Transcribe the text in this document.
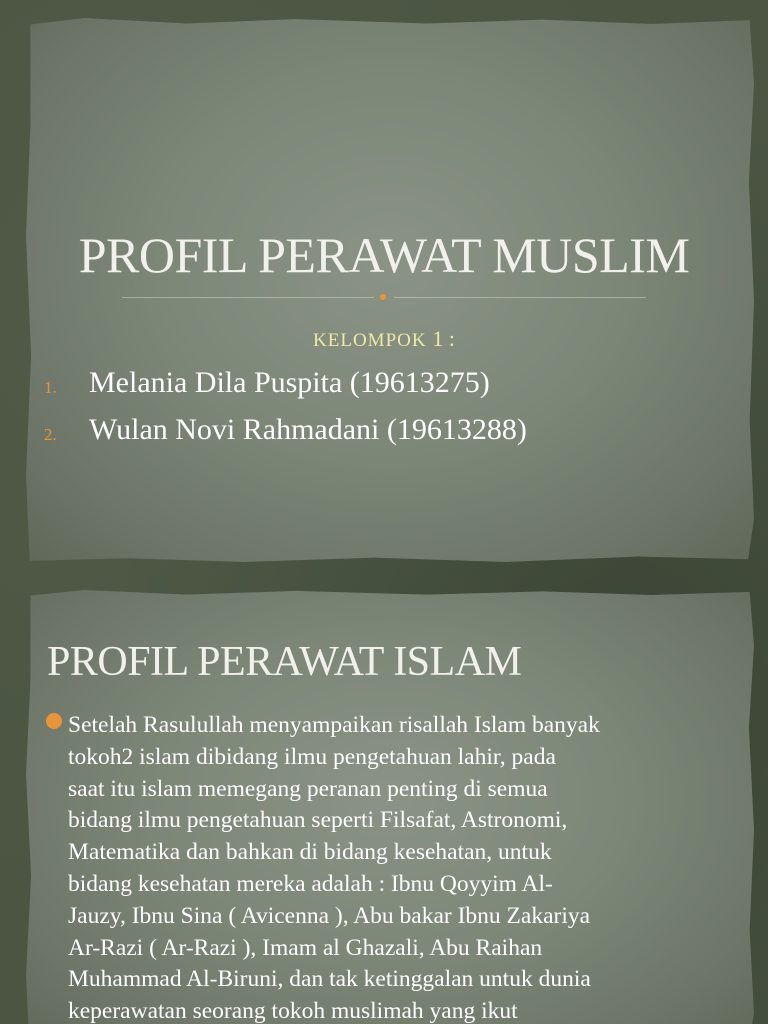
PROFIL PERAWAT MUSLIM
KELOMPOK 1 :
1. Melania Dila Puspita (19613275)
2. Wulan Novi Rahmadani (19613288)
PROFIL PERAWAT ISLAM

Setelah Rasulullah menyampaikan risallah Islam banyak
tokoh2 islam dibidang ilmu pengetahuan lahir, pada
saat itu islam memegang peranan penting di semua
bidang ilmu pengetahuan seperti Filsafat, Astronomi,
Matematika dan bahkan di bidang kesehatan, untuk
bidang kesehatan mereka adalah : Ibnu Qoyyim Al-
Jauzy, Ibnu Sina ( Avicenna ), Abu bakar Ibnu Zakariya
Ar-Razi ( Ar-Razi ), Imam al Ghazali, Abu Raihan
Muhammad Al-Biruni, dan tak ketinggalan untuk dunia
keperawatan seorang tokoh muslimah yang ikut
